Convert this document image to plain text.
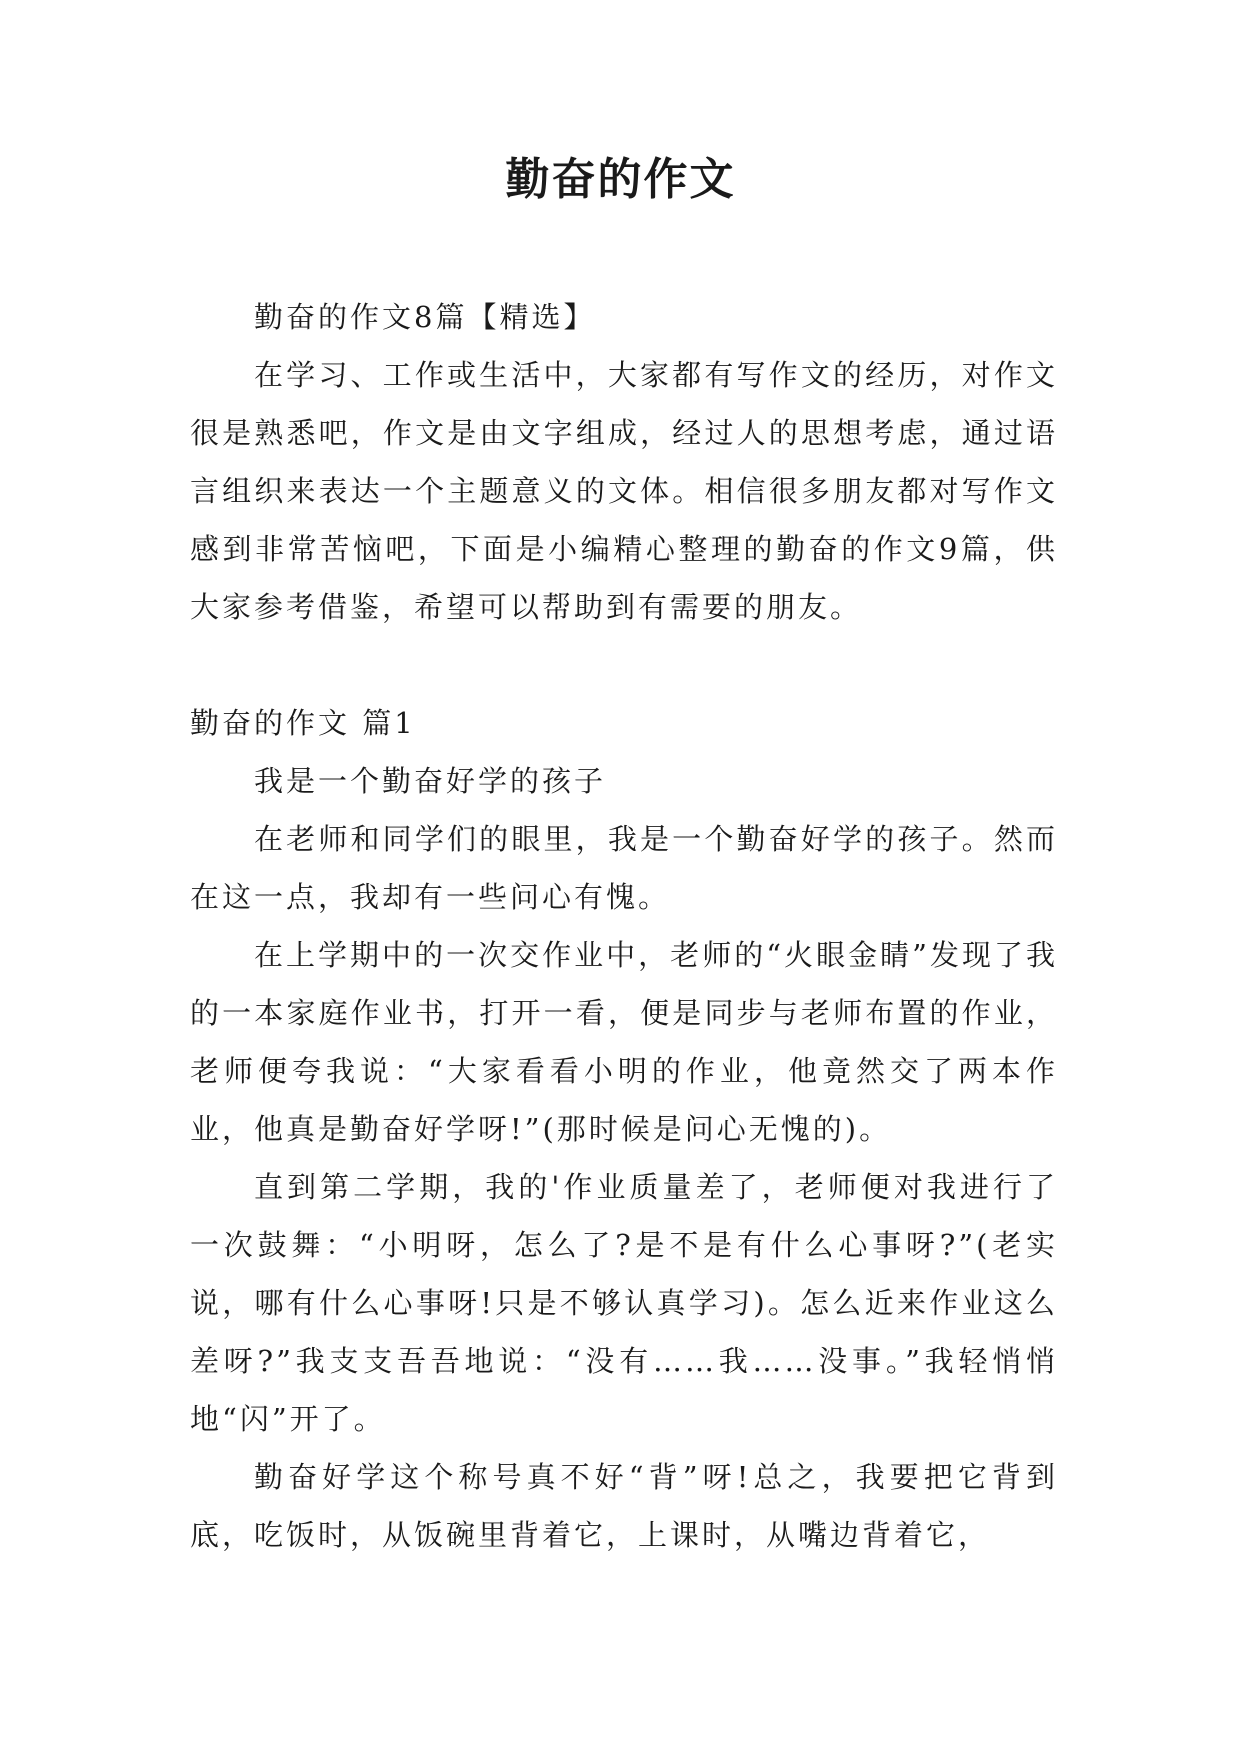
勤奋的作文

勤奋的作文8篇【精选】

在学习、工作或生活中，大家都有写作文的经历，对作文很是熟悉吧，作文是由文字组成，经过人的思想考虑，通过语言组织来表达一个主题意义的文体。相信很多朋友都对写作文感到非常苦恼吧，下面是小编精心整理的勤奋的作文9篇，供大家参考借鉴，希望可以帮助到有需要的朋友。

勤奋的作文 篇1

我是一个勤奋好学的孩子

在老师和同学们的眼里，我是一个勤奋好学的孩子。然而在这一点，我却有一些问心有愧。

在上学期中的一次交作业中，老师的“火眼金睛”发现了我的一本家庭作业书，打开一看，便是同步与老师布置的作业，老师便夸我说：“大家看看小明的作业，他竟然交了两本作业，他真是勤奋好学呀!”(那时候是问心无愧的)。

直到第二学期，我的'作业质量差了，老师便对我进行了一次鼓舞：“小明呀，怎么了?是不是有什么心事呀?”(老实说，哪有什么心事呀!只是不够认真学习)。怎么近来作业这么差呀?”我支支吾吾地说：“没有……我……没事。”我轻悄悄地“闪”开了。

勤奋好学这个称号真不好“背”呀!总之，我要把它背到底，吃饭时，从饭碗里背着它，上课时，从嘴边背着它，
